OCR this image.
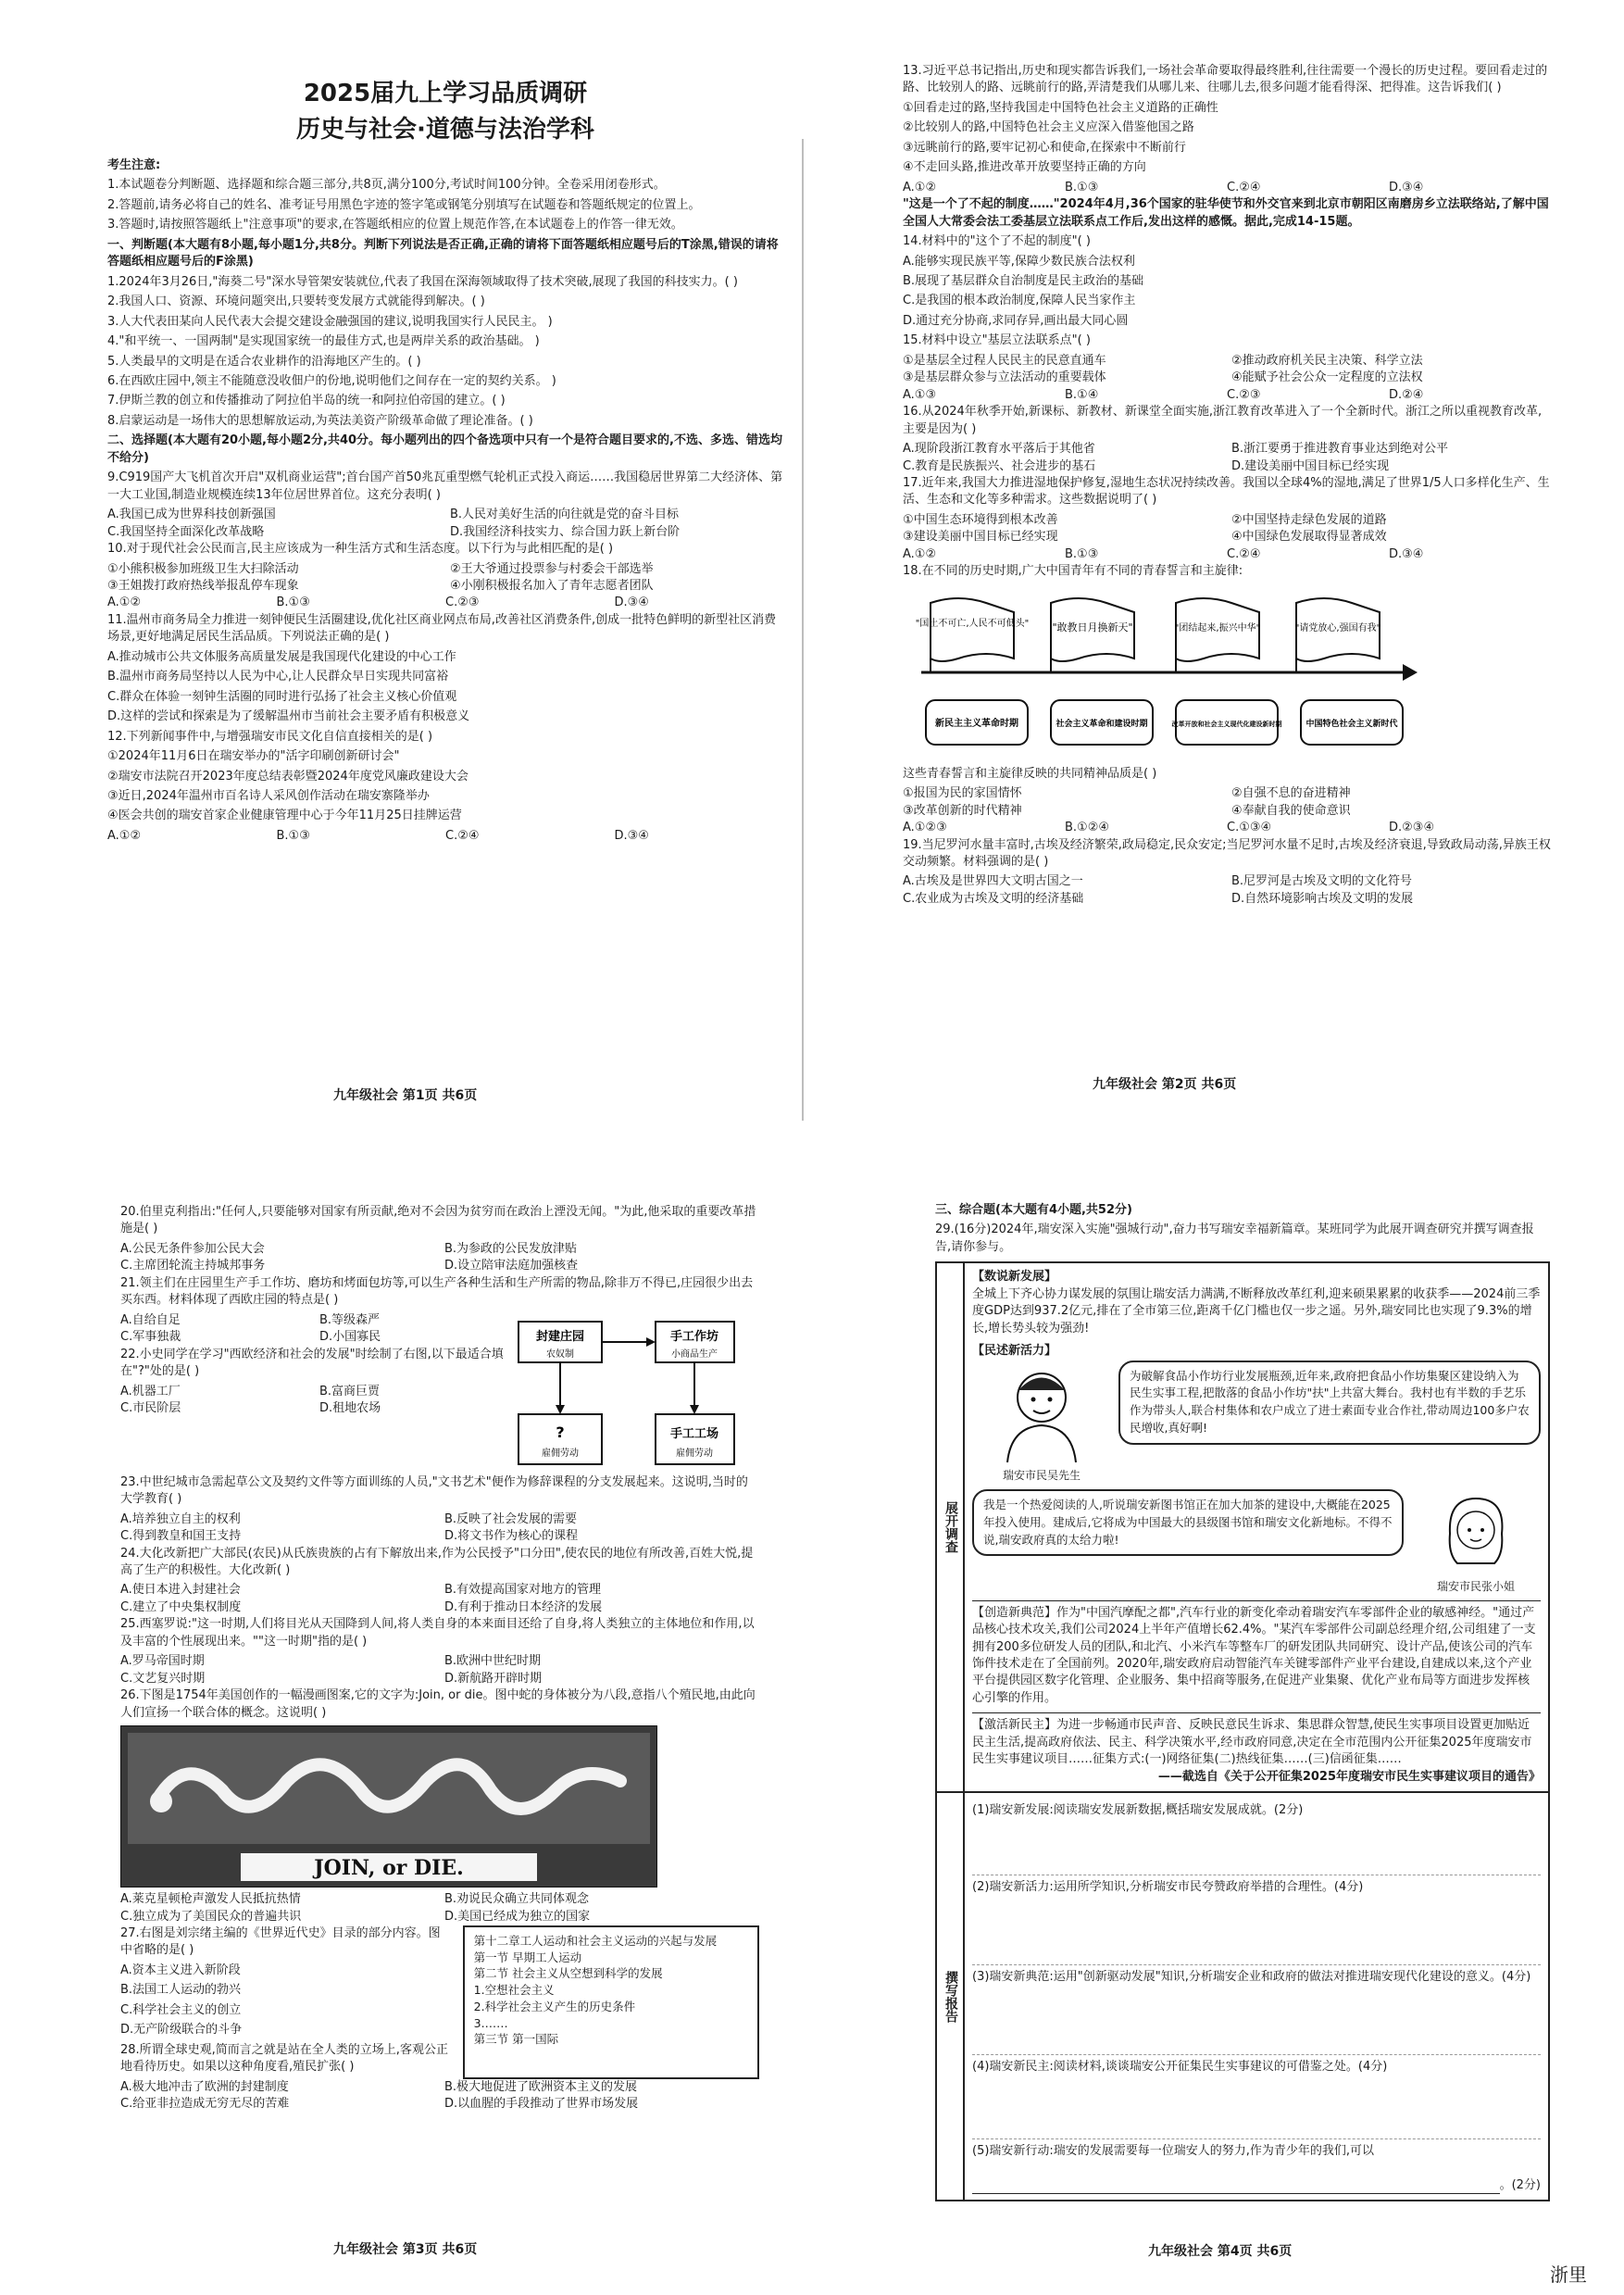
2025届九上学习品质调研
历史与社会·道德与法治学科
考生注意:
1.本试题卷分判断题、选择题和综合题三部分,共8页,满分100分,考试时间100分钟。全卷采用闭卷形式。
2.答题前,请务必将自己的姓名、准考证号用黑色字迹的签字笔或钢笔分别填写在试题卷和答题纸规定的位置上。
3.答题时,请按照答题纸上"注意事项"的要求,在答题纸相应的位置上规范作答,在本试题卷上的作答一律无效。
一、判断题(本大题有8小题,每小题1分,共8分。判断下列说法是否正确,正确的请将下面答题纸相应题号后的T涂黑,错误的请将答题纸相应题号后的F涂黑)
1.2024年3月26日,"海葵二号"深水导管架安装就位,代表了我国在深海领域取得了技术突破,展现了我国的科技实力。( )
2.我国人口、资源、环境问题突出,只要转变发展方式就能得到解决。( )
3.人大代表田某向人民代表大会提交建设金融强国的建议,说明我国实行人民民主。 )
4."和平统一、一国两制"是实现国家统一的最佳方式,也是两岸关系的政治基础。 )
5.人类最早的文明是在适合农业耕作的沿海地区产生的。( )
6.在西欧庄园中,领主不能随意没收佃户的份地,说明他们之间存在一定的契约关系。 )
7.伊斯兰教的创立和传播推动了阿拉伯半岛的统一和阿拉伯帝国的建立。( )
8.启蒙运动是一场伟大的思想解放运动,为英法美资产阶级革命做了理论准备。( )
二、选择题(本大题有20小题,每小题2分,共40分。每小题列出的四个备选项中只有一个是符合题目要求的,不选、多选、错选均不给分)
9.C919国产大飞机首次开启"双机商业运营";首台国产首50兆瓦重型燃气轮机正式投入商运……我国稳居世界第二大经济体、第一大工业国,制造业规模连续13年位居世界首位。这充分表明( )
A.我国已成为世界科技创新强国	B.人民对美好生活的向往就是党的奋斗目标
C.我国坚持全面深化改革战略	D.我国经济科技实力、综合国力跃上新台阶
10.对于现代社会公民而言,民主应该成为一种生活方式和生活态度。以下行为与此相匹配的是( )
①小熊积极参加班级卫生大扫除活动	②王大爷通过投票参与村委会干部选举
③王姐拨打政府热线举报乱停车现象	④小刚积极报名加入了青年志愿者团队
A.①②	B.①③	C.②③	D.③④
11.温州市商务局全力推进一刻钟便民生活圈建设,优化社区商业网点布局,改善社区消费条件,创成一批特色鲜明的新型社区消费场景,更好地满足居民生活品质。下列说法正确的是( )
A.推动城市公共文体服务高质量发展是我国现代化建设的中心工作
B.温州市商务局坚持以人民为中心,让人民群众早日实现共同富裕
C.群众在体验一刻钟生活圈的同时进行弘扬了社会主义核心价值观
D.这样的尝试和探索是为了缓解温州市当前社会主要矛盾有积极意义
12.下列新闻事件中,与增强瑞安市民文化自信直接相关的是( )
①2024年11月6日在瑞安举办的"活字印刷创新研讨会"
②瑞安市法院召开2023年度总结表彰暨2024年度党风廉政建设大会
③近日,2024年温州市百名诗人采风创作活动在瑞安寨隆举办
④医会共创的瑞安首家企业健康管理中心于今年11月25日挂牌运营
A.①②	B.①③	C.②④	D.③④
九年级社会 第1页 共6页
13.习近平总书记指出,历史和现实都告诉我们,一场社会革命要取得最终胜利,往往需要一个漫长的历史过程。要回看走过的路、比较别人的路、远眺前行的路,弄清楚我们从哪儿来、往哪儿去,很多问题才能看得深、把得准。这告诉我们( )
①回看走过的路,坚持我国走中国特色社会主义道路的正确性
②比较别人的路,中国特色社会主义应深入借鉴他国之路
③远眺前行的路,要牢记初心和使命,在探索中不断前行
④不走回头路,推进改革开放要坚持正确的方向
A.①②	B.①③	C.②④	D.③④
"这是一个了不起的制度……"2024年4月,36个国家的驻华使节和外交官来到北京市朝阳区南磨房乡立法联络站,了解中国全国人大常委会法工委基层立法联系点工作后,发出这样的感慨。据此,完成14-15题。
14.材料中的"这个了不起的制度"( )
A.能够实现民族平等,保障少数民族合法权利
B.展现了基层群众自治制度是民主政治的基础
C.是我国的根本政治制度,保障人民当家作主
D.通过充分协商,求同存异,画出最大同心圆
15.材料中设立"基层立法联系点"( )
①是基层全过程人民民主的民意直通车	②推动政府机关民主决策、科学立法
③是基层群众参与立法活动的重要载体	④能赋予社会公众一定程度的立法权
A.①③	B.①④	C.②③	D.②④
16.从2024年秋季开始,新课标、新教材、新课堂全面实施,浙江教育改革进入了一个全新时代。浙江之所以重视教育改革,主要是因为( )
A.现阶段浙江教育水平落后于其他省	B.浙江要勇于推进教育事业达到绝对公平
C.教育是民族振兴、社会进步的基石	D.建设美丽中国目标已经实现
17.近年来,我国大力推进湿地保护修复,湿地生态状况持续改善。我国以全球4%的湿地,满足了世界1/5人口多样化生产、生活、生态和文化等多种需求。这些数据说明了( )
①中国生态环境得到根本改善	②中国坚持走绿色发展的道路
③建设美丽中国目标已经实现	④中国绿色发展取得显著成效
A.①②	B.①③	C.②④	D.③④
18.在不同的历史时期,广大中国青年有不同的青春誓言和主旋律:
"国土不可亡,人民不可低头" "敢教日月换新天"	"团结起来,振兴中华"	"请党放心,强国有我"
新民主主义革命时期	社会主义革命和建设时期	改革开放和社会主义现代化建设新时期	中国特色社会主义新时代
这些青春誓言和主旋律反映的共同精神品质是( )
①报国为民的家国情怀	②自强不息的奋进精神
③改革创新的时代精神	④奉献自我的使命意识
A.①②③	B.①②④	C.①③④	D.②③④
19.当尼罗河水量丰富时,古埃及经济繁荣,政局稳定,民众安定;当尼罗河水量不足时,古埃及经济衰退,导致政局动荡,异族王权交动频繁。材料强调的是( )
A.古埃及是世界四大文明古国之一	B.尼罗河是古埃及文明的文化符号
C.农业成为古埃及文明的经济基础	D.自然环境影响古埃及文明的发展
九年级社会 第2页 共6页
20.伯里克利指出:"任何人,只要能够对国家有所贡献,绝对不会因为贫穷而在政治上湮没无闻。"为此,他采取的重要改革措施是( )
A.公民无条件参加公民大会	B.为参政的公民发放津贴
C.主席团轮流主持城邦事务	D.设立陪审法庭加强核查
21.领主们在庄园里生产手工作坊、磨坊和烤面包坊等,可以生产各种生活和生产所需的物品,除非万不得已,庄园很少出去买东西。材料体现了西欧庄园的特点是( )
A.自给自足	B.等级森严
C.军事独裁	D.小国寡民
22.小史同学在学习"西欧经济和社会的发展"时绘制了右图,以下最适合填在"?"处的是( )
A.机器工厂	B.富商巨贾
C.市民阶层	D.租地农场
封建庄园
农奴制
手工作坊
小商品生产
?
雇佣劳动
手工工场
雇佣劳动
23.中世纪城市急需起草公文及契约文件等方面训练的人员,"文书艺术"便作为修辞课程的分支发展起来。这说明,当时的大学教育( )
A.培养独立自主的权利	B.反映了社会发展的需要
C.得到教皇和国王支持	D.将文书作为核心的课程
24.大化改新把广大部民(农民)从氏族贵族的占有下解放出来,作为公民授予"口分田",使农民的地位有所改善,百姓大悦,提高了生产的积极性。大化改新( )
A.使日本进入封建社会	B.有效提高国家对地方的管理
C.建立了中央集权制度	D.有利于推动日本经济的发展
25.西塞罗说:"这一时期,人们将目光从天国降到人间,将人类自身的本来面目还给了自身,将人类独立的主体地位和作用,以及丰富的个性展现出来。""这一时期"指的是( )
A.罗马帝国时期	B.欧洲中世纪时期
C.文艺复兴时期	D.新航路开辟时期
26.下图是1754年美国创作的一幅漫画图案,它的文字为:Join, or die。图中蛇的身体被分为八段,意指八个殖民地,由此向人们宣扬一个联合体的概念。这说明( )
JOIN, or DIE.
A.莱克星顿枪声激发人民抵抗热情	B.劝说民众确立共同体观念
C.独立成为了美国民众的普遍共识	D.美国已经成为独立的国家
27.右图是刘宗绪主编的《世界近代史》目录的部分内容。图中省略的是( )
A.资本主义进入新阶段
B.法国工人运动的勃兴
C.科学社会主义的创立
D.无产阶级联合的斗争
28.所谓全球史观,简而言之就是站在全人类的立场上,客观公正地看待历史。如果以这种角度看,殖民扩张( )
第十二章工人运动和社会主义运动的兴起与发展
第一节 早期工人运动
第二节 社会主义从空想到科学的发展
1.空想社会主义
2.科学社会主义产生的历史条件
3.……
第三节 第一国际
A.极大地冲击了欧洲的封建制度	B.极大地促进了欧洲资本主义的发展
C.给亚非拉造成无穷无尽的苦难	D.以血腥的手段推动了世界市场发展
九年级社会 第3页 共6页
三、综合题(本大题有4小题,共52分)
29.(16分)2024年,瑞安深入实施"强城行动",奋力书写瑞安幸福新篇章。某班同学为此展开调查研究并撰写调查报告,请你参与。
展开调查
【数说新发展】
全城上下齐心协力谋发展的氛围让瑞安活力满满,不断释放改革红利,迎来硕果累累的收获季——2024前三季度GDP达到937.2亿元,排在了全市第三位,距离千亿门槛也仅一步之遥。另外,瑞安同比也实现了9.3%的增长,增长势头较为强劲!
【民述新活力】
瑞安市民吴先生
为破解食品小作坊行业发展瓶颈,近年来,政府把食品小作坊集聚区建设纳入为民生实事工程,把散落的食品小作坊"扶"上共富大舞台。我村也有半数的手艺乐作为带头人,联合村集体和农户成立了进士素面专业合作社,带动周边100多户农民增收,真好啊!
我是一个热爱阅读的人,听说瑞安新图书馆正在加大加茶的建设中,大概能在2025年投入使用。建成后,它将成为中国最大的县级图书馆和瑞安文化新地标。不得不说,瑞安政府真的太给力啦!
瑞安市民张小姐
【创造新典范】作为"中国汽摩配之都",汽车行业的新变化牵动着瑞安汽车零部件企业的敏感神经。"通过产品核心技术攻关,我们公司2024上半年产值增长62.4%。"某汽车零部件公司副总经理介绍,公司组建了一支拥有200多位研发人员的团队,和北汽、小米汽车等整车厂的研发团队共同研究、设计产品,使该公司的汽车饰件技术走在了全国前列。2020年,瑞安政府启动智能汽车关键零部件产业平台建设,自建成以来,这个产业平台提供园区数字化管理、企业服务、集中招商等服务,在促进产业集聚、优化产业布局等方面进步发挥核心引擎的作用。
【激活新民主】为进一步畅通市民声音、反映民意民生诉求、集思群众智慧,使民生实事项目设置更加贴近民主生活,提高政府依法、民主、科学决策水平,经市政府同意,决定在全市范围内公开征集2025年度瑞安市民生实事建议项目……征集方式:(一)网络征集(二)热线征集……(三)信函征集……
——截选自《关于公开征集2025年度瑞安市民生实事建议项目的通告》
撰写报告
(1)瑞安新发展:阅读瑞安发展新数据,概括瑞安发展成就。(2分)
(2)瑞安新活力:运用所学知识,分析瑞安市民夸赞政府举措的合理性。(4分)
(3)瑞安新典范:运用"创新驱动发展"知识,分析瑞安企业和政府的做法对推进瑞安现代化建设的意义。(4分)
(4)瑞安新民主:阅读材料,谈谈瑞安公开征集民生实事建议的可借鉴之处。(4分)
(5)瑞安新行动:瑞安的发展需要每一位瑞安人的努力,作为青少年的我们,可以
。(2分)
九年级社会 第4页 共6页
浙里
